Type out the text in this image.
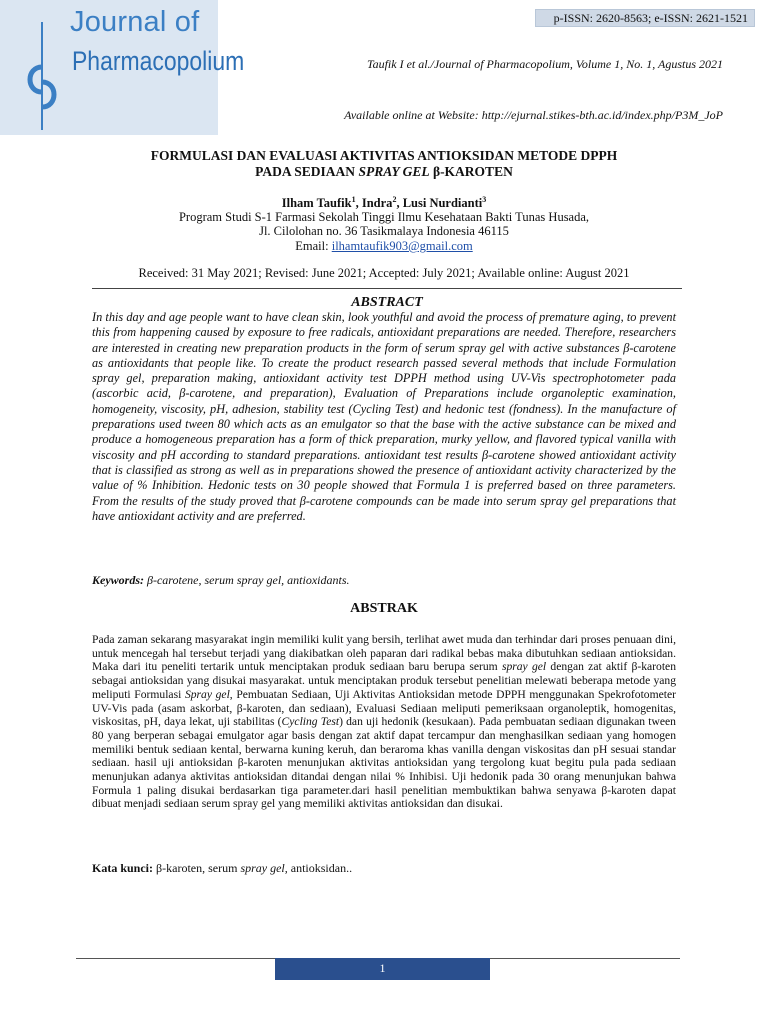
Journal of
Pharmacopolium
p-ISSN: 2620-8563; e-ISSN: 2621-1521
Taufik I et al./Journal of Pharmacopolium, Volume 1, No. 1, Agustus 2021
Available online at Website: http://ejurnal.stikes-bth.ac.id/index.php/P3M_JoP
FORMULASI DAN EVALUASI AKTIVITAS ANTIOKSIDAN METODE DPPH
PADA SEDIAAN SPRAY GEL β-KAROTEN
Ilham Taufik$^1$, Indra$^2$, Lusi Nurdianti$^3$
Program Studi S-1 Farmasi Sekolah Tinggi Ilmu Kesehataan Bakti Tunas Husada,
Jl. Cilolohan no. 36 Tasikmalaya Indonesia 46115
Email: ilhamtaufik903@gmail.com
Received: 31 May 2021; Revised: June 2021; Accepted: July 2021; Available online: August 2021
ABSTRACT
In this day and age people want to have clean skin, look youthful and avoid the process of premature aging, to prevent this from happening caused by exposure to free radicals, antioxidant preparations are needed. Therefore, researchers are interested in creating new preparation products in the form of serum spray gel with active substances β-carotene as antioxidants that people like. To create the product research passed several methods that include Formulation spray gel, preparation making, antioxidant activity test DPPH method using UV-Vis spectrophotometer pada (ascorbic acid, β-carotene, and preparation), Evaluation of Preparations include organoleptic examination, homogeneity, viscosity, pH, adhesion, stability test (Cycling Test) and hedonic test (fondness). In the manufacture of preparations used tween 80 which acts as an emulgator so that the base with the active substance can be mixed and produce a homogeneous preparation has a form of thick preparation, murky yellow, and flavored typical vanilla with viscosity and pH according to standard preparations. antioxidant test results β-carotene showed antioxidant activity that is classified as strong as well as in preparations showed the presence of antioxidant activity characterized by the value of % Inhibition. Hedonic tests on 30 people showed that Formula 1 is preferred based on three parameters. From the results of the study proved that β-carotene compounds can be made into serum spray gel preparations that have antioxidant activity and are preferred.
Keywords: β-carotene, serum spray gel, antioxidants.
ABSTRAK
Pada zaman sekarang masyarakat ingin memiliki kulit yang bersih, terlihat awet muda dan terhindar dari proses penuaan dini, untuk mencegah hal tersebut terjadi yang diakibatkan oleh paparan dari radikal bebas maka dibutuhkan sediaan antioksidan. Maka dari itu peneliti tertarik untuk menciptakan produk sediaan baru berupa serum spray gel dengan zat aktif β-karoten sebagai antioksidan yang disukai masyarakat. untuk menciptakan produk tersebut penelitian melewati beberapa metode yang meliputi Formulasi Spray gel, Pembuatan Sediaan, Uji Aktivitas Antioksidan metode DPPH menggunakan Spekrofotometer UV-Vis pada (asam askorbat, β-karoten, dan sediaan), Evaluasi Sediaan meliputi pemeriksaan organoleptik, homogenitas, viskositas, pH, daya lekat, uji stabilitas (Cycling Test) dan uji hedonik (kesukaan). Pada pembuatan sediaan digunakan tween 80 yang berperan sebagai emulgator agar basis dengan zat aktif dapat tercampur dan menghasilkan sediaan yang homogen memiliki bentuk sediaan kental, berwarna kuning keruh, dan beraroma khas vanilla dengan viskositas dan pH sesuai standar sediaan. hasil uji antioksidan β-karoten menunjukan aktivitas antioksidan yang tergolong kuat begitu pula pada sediaan menunjukan adanya aktivitas antioksidan ditandai dengan nilai % Inhibisi. Uji hedonik pada 30 orang menunjukan bahwa Formula 1 paling disukai berdasarkan tiga parameter.dari hasil penelitian membuktikan bahwa senyawa β-karoten dapat dibuat menjadi sediaan serum spray gel yang memiliki aktivitas antioksidan dan disukai.
Kata kunci: β-karoten, serum spray gel, antioksidan..
1
